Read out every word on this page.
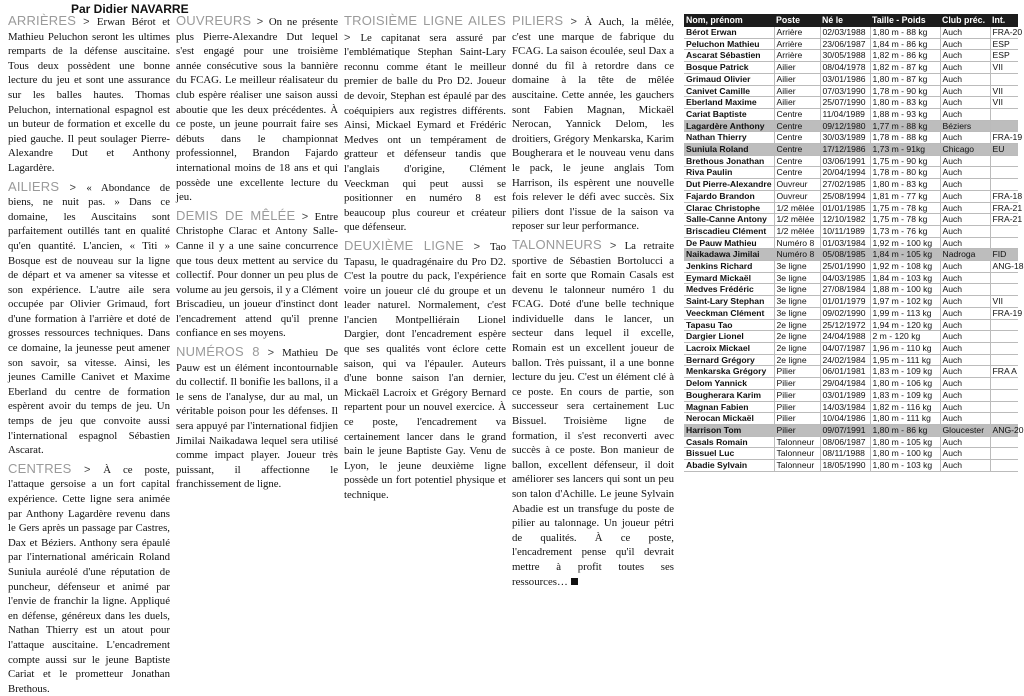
Par Didier NAVARRE

ARRIÈRES > Erwan Bérot et Mathieu Peluchon seront les ultimes remparts de la défense auscitaine. Tous deux possèdent une bonne lecture du jeu et sont une assurance sur les balles hautes. Thomas Peluchon, international espagnol est un buteur de formation et excelle du pied gauche. Il peut soulager Pierre-Alexandre Dut et Anthony Lagardère.

AILIERS >	« Abondance de biens, ne nuit pas. » Dans ce domaine, les Auscitains sont parfaitement outillés tant en qualité qu'en quantité. L'ancien, « Titi » Bosque est de nouveau sur la ligne de départ et va amener sa vitesse et son expérience. L'autre aile sera occupée par Olivier Grimaud, fort d'une formation à l'arrière et doté de grosses ressources techniques. Dans ce domaine, la jeunesse peut amener son savoir, sa vitesse. Ainsi, les jeunes Camille Canivet et Maxime Eberland du centre de formation espèrent avoir du temps de jeu. Un temps de jeu que convoite aussi l'international espagnol Sébastien Ascarat.

CENTRES >	À ce poste, l'attaque gersoise a un fort capital expérience. Cette ligne sera animée par Anthony Lagardère revenu dans le Gers après un passage par Castres, Dax et Béziers. Anthony sera épaulé par l'international américain Roland Suniula auréolé d'une réputation de puncheur, défenseur et animé par l'envie de franchir la ligne. Appliqué en défense, généreux dans les duels, Nathan Thierry est un atout pour l'attaque auscitaine. L'encadrement compte aussi sur le jeune Baptiste Cariat et le prometteur Jonathan Brethous.

OUVREURS > On ne présente plus Pierre-Alexandre Dut lequel s'est engagé pour une troisième année consécutive sous la bannière du FCAG. Le meilleur réalisateur du club espère réaliser une saison aussi aboutie que les deux précédentes. À ce poste, un jeune pourrait faire ses débuts dans le championnat professionnel, Brandon Fajardo international moins de 18 ans et qui possède une excellente lecture du jeu.

DEMIS DE MÊLÉE > Entre Christophe Clarac et Antony Salle-Canne il y a une saine concurrence que tous deux mettent au service du collectif. Pour donner un peu plus de volume au jeu gersois, il y a Clément Briscadieu, un joueur d'instinct dont l'encadrement attend qu'il prenne confiance en ses moyens.

NUMÉROS 8 > Mathieu De Pauw est un élément incontournable du collectif. Il bonifie les ballons, il a le sens de l'analyse, dur au mal, un véritable poison pour les défenses. Il sera appuyé par l'international fidjien Jimilai Naikadawa lequel sera utilisé comme impact player. Joueur très puissant, il affectionne le franchissement de ligne.

TROISIÈME LIGNE AILES > Le capitanat sera assuré par l'emblématique Stephan Saint-Lary reconnu comme étant le meilleur premier de balle du Pro D2. Joueur de devoir, Stephan est épaulé par des coéquipiers aux registres différents. Ainsi, Mickael Eymard et Frédéric Medves ont un tempérament de gratteur et défenseur tandis que l'anglais d'origine, Clément Veeckman qui peut aussi se positionner en numéro 8 est beaucoup plus coureur et créateur que défenseur.

DEUXIÈME LIGNE > Tao Tapasu, le quadragénaire du Pro D2. C'est la poutre du pack, l'expérience voire un joueur clé du groupe et un leader naturel. Normalement, c'est l'ancien Montpelliérain Lionel Dargier, dont l'encadrement espère que ses qualités vont éclore cette saison, qui va l'épauler. Auteurs d'une bonne saison l'an dernier, Mickaël Lacroix et Grégory Bernard repartent pour un nouvel exercice. À ce poste, l'encadrement va certainement lancer dans le grand bain le jeune Baptiste Gay. Venu de Lyon, le jeune deuxième ligne possède un fort potentiel physique et technique.

PILIERS > À Auch, la mêlée, c'est une marque de fabrique du FCAG. La saison écoulée, seul Dax a donné du fil à retordre dans ce domaine à la tête de mêlée auscitaine. Cette année, les gauchers sont Fabien Magnan, Mickaël Nerocan, Yannick Delom, les droitiers, Grégory Menkarska, Karim Bougherara et le nouveau venu dans le pack, le jeune anglais Tom Harrison, ils espèrent une nouvelle fois relever le défi avec succès. Six piliers dont l'issue de la saison va reposer sur leur performance.

TALONNEURS > La retraite sportive de Sébastien Bortolucci a fait en sorte que Romain Casals est devenu le talonneur numéro 1 du FCAG. Doté d'une belle technique individuelle dans le lancer, un secteur dans lequel il excelle, Romain est un excellent joueur de ballon. Très puissant, il a une bonne lecture du jeu. C'est un élément clé à ce poste. En cours de partie, son successeur sera certainement Luc Bissuel. Troisième ligne de formation, il s'est reconverti avec succès à ce poste. Bon manieur de ballon, excellent défenseur, il doit améliorer ses lancers qui sont un peu son talon d'Achille. Le jeune Sylvain Abadie est un transfuge du poste de pilier au talonnage. Un joueur pétri de qualités. À ce poste, l'encadrement pense qu'il devrait mettre à profit toutes ses ressources…

Nom, prénom	Poste	Né le	Taille - Poids	Club préc.	Int.
Bérot Erwan	Arrière	02/03/1988	1,80 m - 88 kg	Auch	FRA-20
Peluchon Mathieu	Arrière	23/06/1987	1,84 m - 86 kg	Auch	ESP
Ascarat Sébastien	Arrière	30/05/1988	1,82 m - 86 kg	Auch	ESP
Bosque Patrick	Ailier	08/04/1978	1,82 m - 87 kg	Auch	VII
Grimaud Olivier	Ailier	03/01/1986	1,80 m - 87 kg	Auch	
Canivet Camille	Ailier	07/03/1990	1,78 m - 90 kg	Auch	VII
Eberland Maxime	Ailier	25/07/1990	1,80 m - 83 kg	Auch	VII
Cariat Baptiste	Centre	11/04/1989	1,88 m - 93 kg	Auch	
Lagardère Anthony	Centre	09/12/1980	1,77 m - 88 kg	Béziers	
Nathan Thierry	Centre	30/03/1989	1,78 m - 88 kg	Auch	FRA-19
Suniula Roland	Centre	17/12/1986	1,73 m - 91kg	Chicago	EU
Brethous Jonathan	Centre	03/06/1991	1,75 m - 90 kg	Auch	
Riva Paulin	Centre	20/04/1994	1,78 m - 80 kg	Auch	
Dut Pierre-Alexandre	Ouvreur	27/02/1985	1,80 m - 83 kg	Auch	
Fajardo Brandon	Ouvreur	25/08/1994	1,81 m - 77 kg	Auch	FRA-18
Clarac Christophe	1/2 mêlée	01/01/1985	1,75 m - 78 kg	Auch	FRA-21
Salle-Canne Antony	1/2 mêlée	12/10/1982	1,75 m - 78 kg	Auch	FRA-21
Briscadieu Clément	1/2 mêlée	10/11/1989	1,73 m - 76 kg	Auch	
De Pauw Mathieu	Numéro 8	01/03/1984	1,92 m - 100 kg	Auch	
Naikadawa Jimilai	Numéro 8	05/08/1985	1,84 m - 105 kg	Nadroga	FID
Jenkins Richard	3e ligne	25/01/1990	1,92 m - 108 kg	Auch	ANG-18
Eymard Mickaël	3e ligne	04/03/1985	1,84 m - 103 kg	Auch	
Medves Frédéric	3e ligne	27/08/1984	1,88 m - 100 kg	Auch	
Saint-Lary Stephan	3e ligne	01/01/1979	1,97 m - 102 kg	Auch	VII
Veeckman Clément	3e ligne	09/02/1990	1,99 m - 113 kg	Auch	FRA-19
Tapasu Tao	2e ligne	25/12/1972	1,94 m - 120 kg	Auch	
Dargier Lionel	2e ligne	24/04/1988	2 m - 120 kg	Auch	
Lacroix Mickael	2e ligne	04/07/1987	1,96 m - 110 kg	Auch	
Bernard Grégory	2e ligne	24/02/1984	1,95 m - 111 kg	Auch	
Menkarska Grégory	Pilier	06/01/1981	1,83 m - 109 kg	Auch	FRA A
Delom Yannick	Pilier	29/04/1984	1,80 m - 106 kg	Auch	
Bougherara Karim	Pilier	03/01/1989	1,83 m - 109 kg	Auch	
Magnan Fabien	Pilier	14/03/1984	1,82 m - 116 kg	Auch	
Nerocan Mickaël	Pilier	10/04/1986	1,80 m - 111 kg	Auch	
Harrison Tom	Pilier	09/07/1991	1,80 m - 86 kg	Gloucester	ANG-20
Casals Romain	Talonneur	08/06/1987	1,80 m - 105 kg	Auch	
Bissuel Luc	Talonneur	08/11/1988	1,80 m - 100 kg	Auch	
Abadie Sylvain	Talonneur	18/05/1990	1,80 m - 103 kg	Auch	
